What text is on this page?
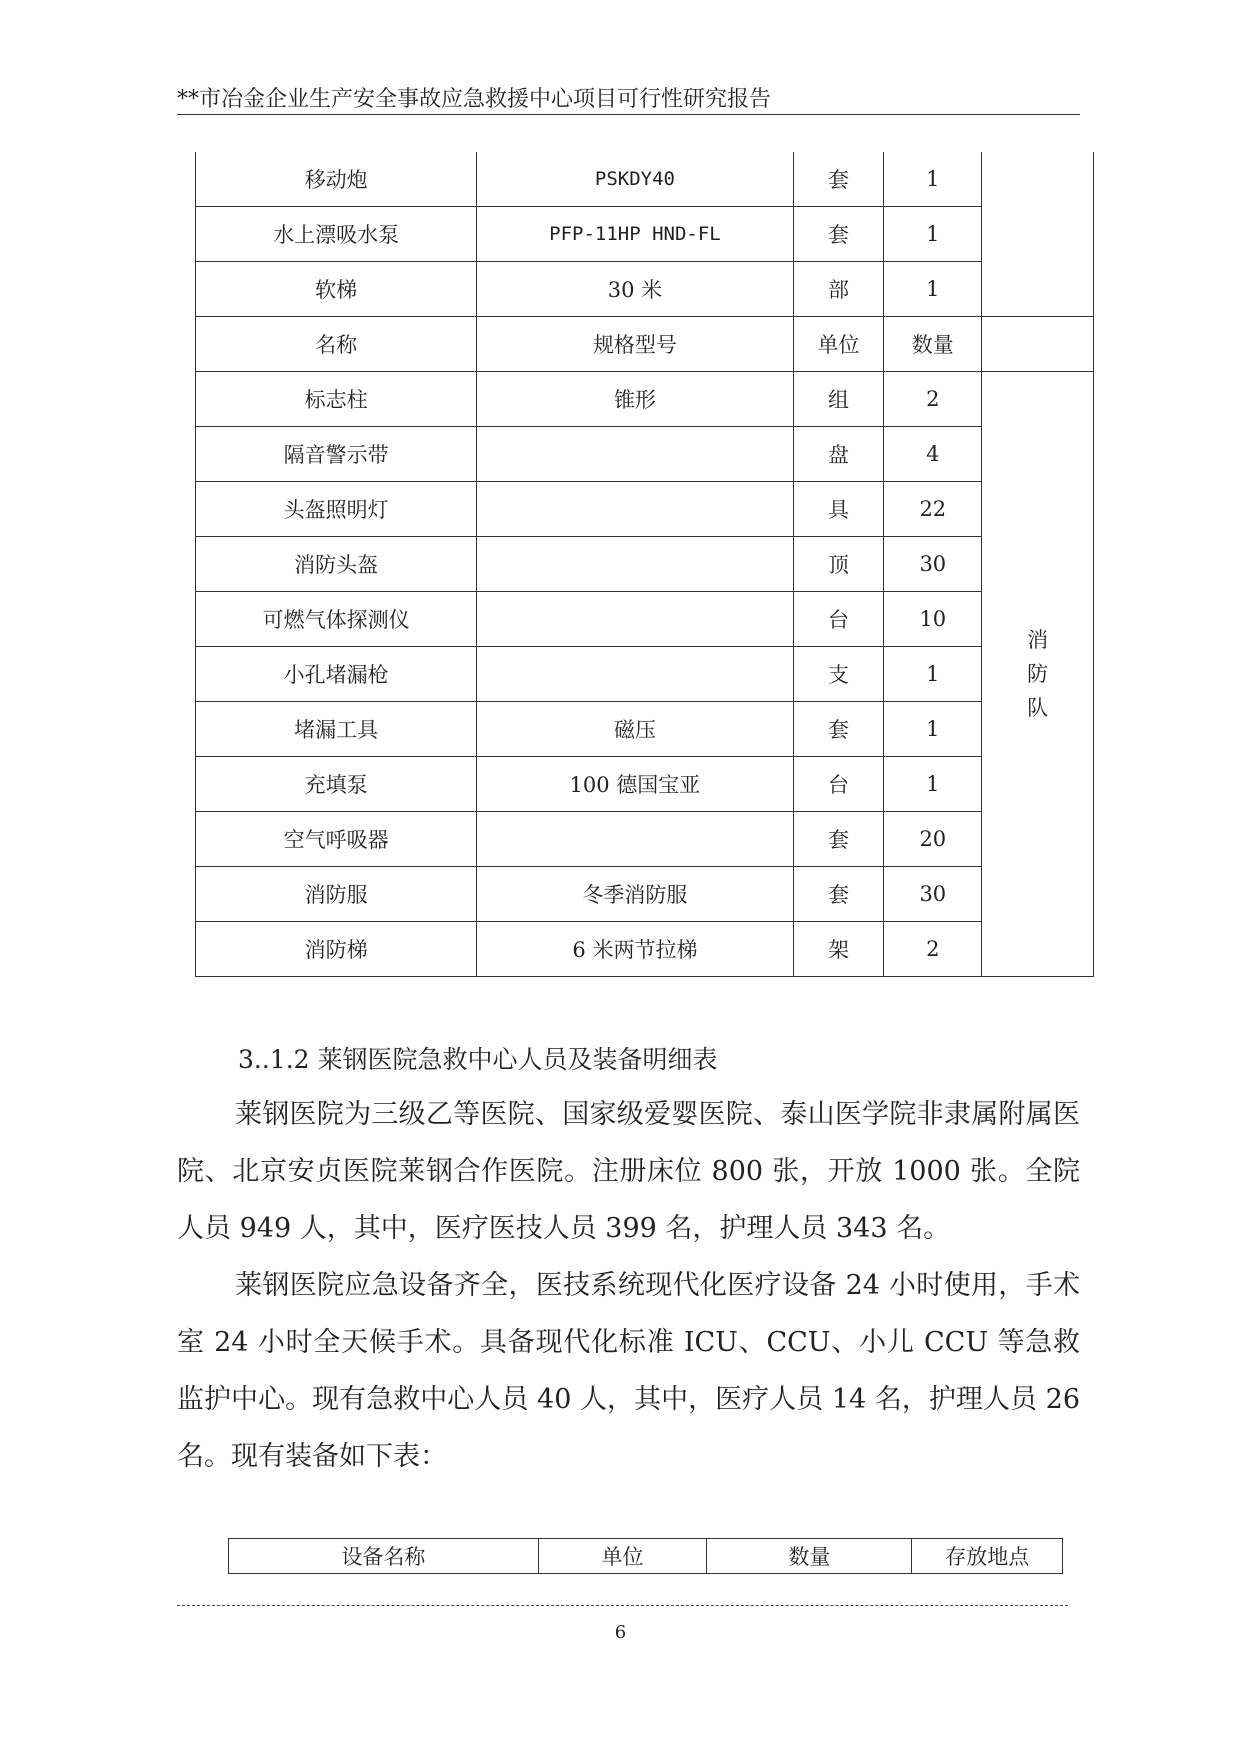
**市冶金企业生产安全事故应急救援中心项目可行性研究报告
移动炮	PSKDY40	套	1	
水上漂吸水泵	PFP-11HP HND-FL	套	1	
软梯	30 米	部	1	
名称	规格型号	单位	数量	
标志柱	锥形	组	2	消防队
隔音警示带		盘	4	
头盔照明灯		具	22	
消防头盔		顶	30	
可燃气体探测仪		台	10	
小孔堵漏枪		支	1	
堵漏工具	磁压	套	1	
充填泵	100 德国宝亚	台	1	
空气呼吸器		套	20	
消防服	冬季消防服	套	30	
消防梯	6 米两节拉梯	架	2	
3..1.2 莱钢医院急救中心人员及装备明细表

莱钢医院为三级乙等医院、国家级爱婴医院、泰山医学院非隶属附属医院、北京安贞医院莱钢合作医院。注册床位 800 张，开放 1000 张。全院人员 949 人，其中，医疗医技人员 399 名，护理人员 343 名。

莱钢医院应急设备齐全，医技系统现代化医疗设备 24 小时使用，手术室 24 小时全天候手术。具备现代化标准 ICU、CCU、小儿 CCU 等急救监护中心。现有急救中心人员 40 人，其中，医疗人员 14 名，护理人员 26 名。现有装备如下表：

设备名称	单位	数量	存放地点
6
